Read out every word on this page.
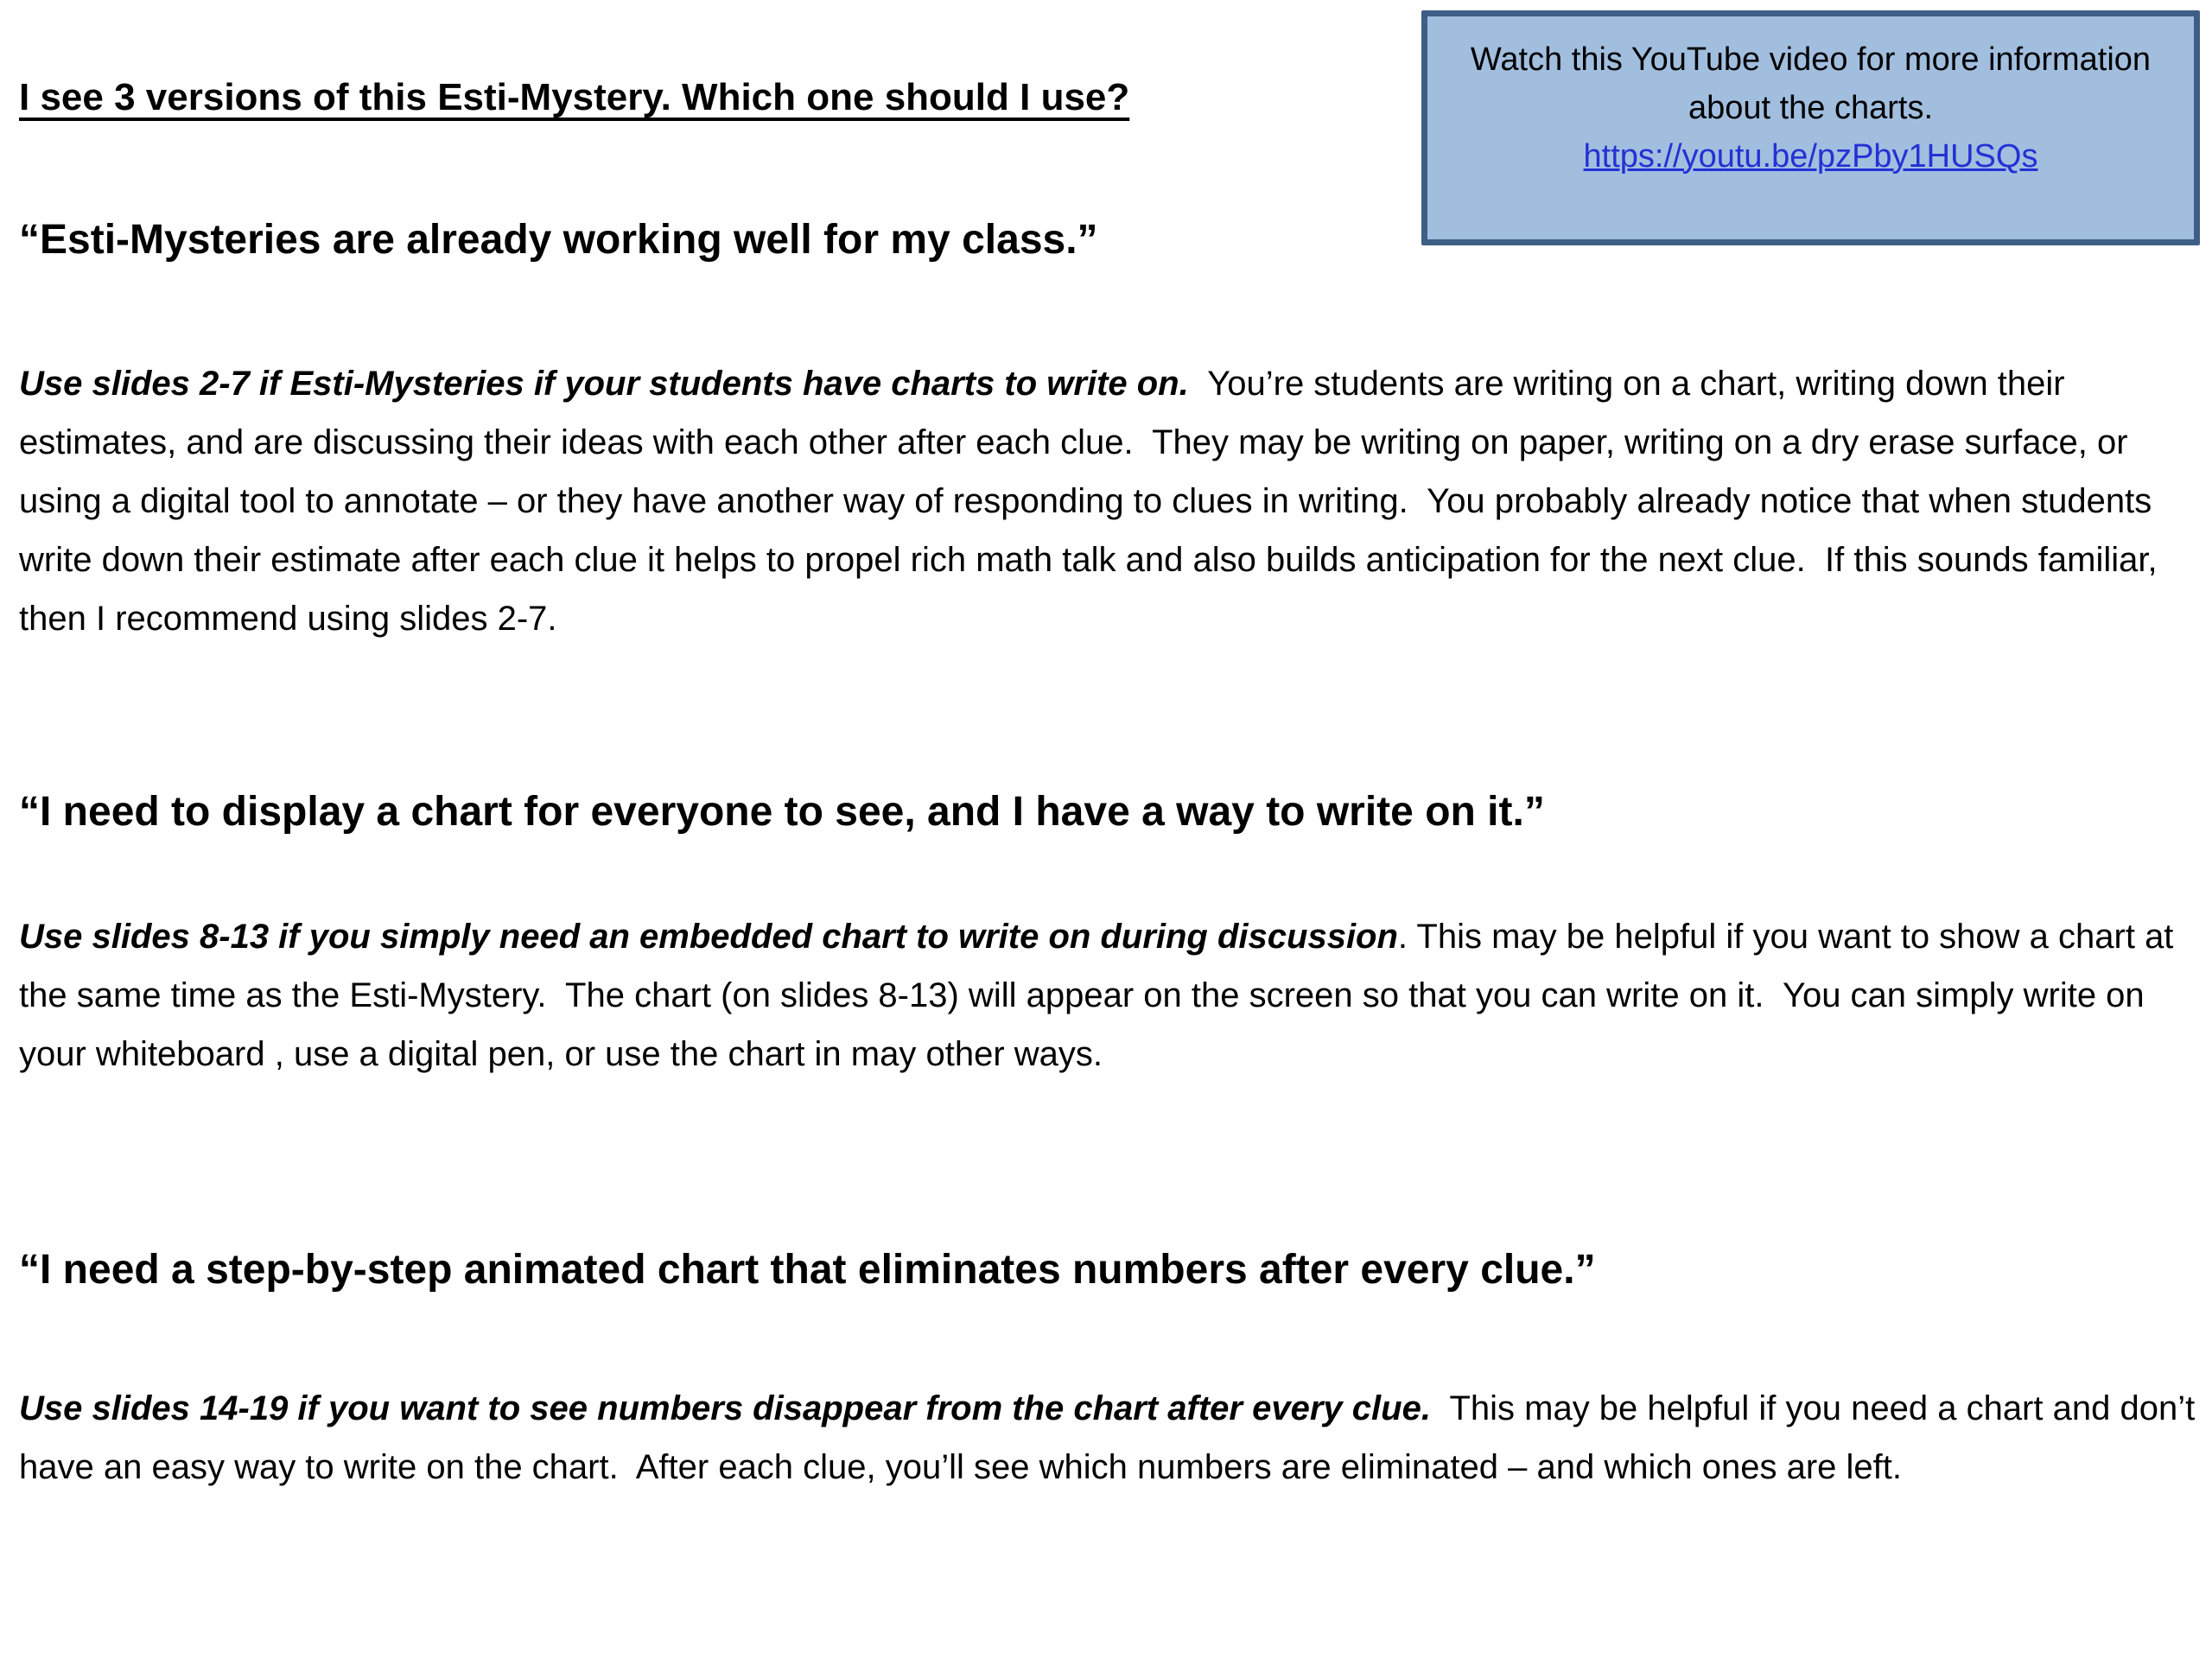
I see 3 versions of this Esti-Mystery. Which one should I use?
Watch this YouTube video for more information about the charts.
https://youtu.be/pzPby1HUSQs
“Esti-Mysteries are already working well for my class.”
Use slides 2-7 if Esti-Mysteries if your students have charts to write on.  You’re students are writing on a chart, writing down their estimates, and are discussing their ideas with each other after each clue.  They may be writing on paper, writing on a dry erase surface, or using a digital tool to annotate – or they have another way of responding to clues in writing.  You probably already notice that when students write down their estimate after each clue it helps to propel rich math talk and also builds anticipation for the next clue.  If this sounds familiar, then I recommend using slides 2-7.
“I need to display a chart for everyone to see, and I have a way to write on it.”
Use slides 8-13 if you simply need an embedded chart to write on during discussion. This may be helpful if you want to show a chart at the same time as the Esti-Mystery.  The chart (on slides 8-13) will appear on the screen so that you can write on it.  You can simply write on your whiteboard , use a digital pen, or use the chart in may other ways.
“I need a step-by-step animated chart that eliminates numbers after every clue.”
Use slides 14-19 if you want to see numbers disappear from the chart after every clue.  This may be helpful if you need a chart and don’t have an easy way to write on the chart.  After each clue, you’ll see which numbers are eliminated – and which ones are left.
